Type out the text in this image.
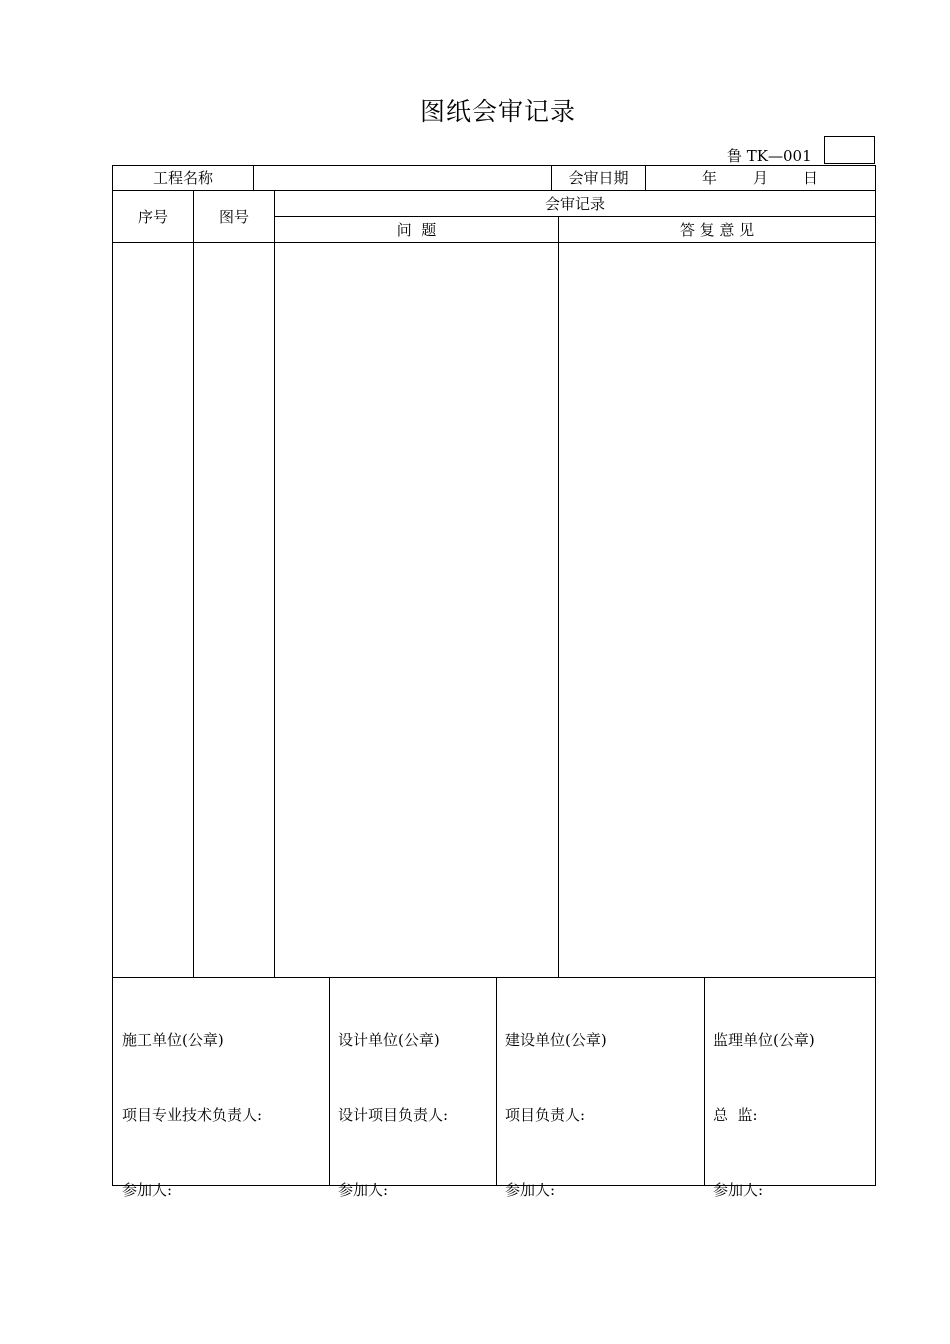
图纸会审记录
鲁 TK—001
工程名称	会审日期	年 月 日
序号	图号
会审记录
问  题	答 复 意 见

施工单位(公章)

项目专业技术负责人:

参加人:

设计单位(公章)

设计项目负责人:

参加人:

建设单位(公章)

项目负责人:

参加人:

监理单位(公章)

总  监:

参加人:
